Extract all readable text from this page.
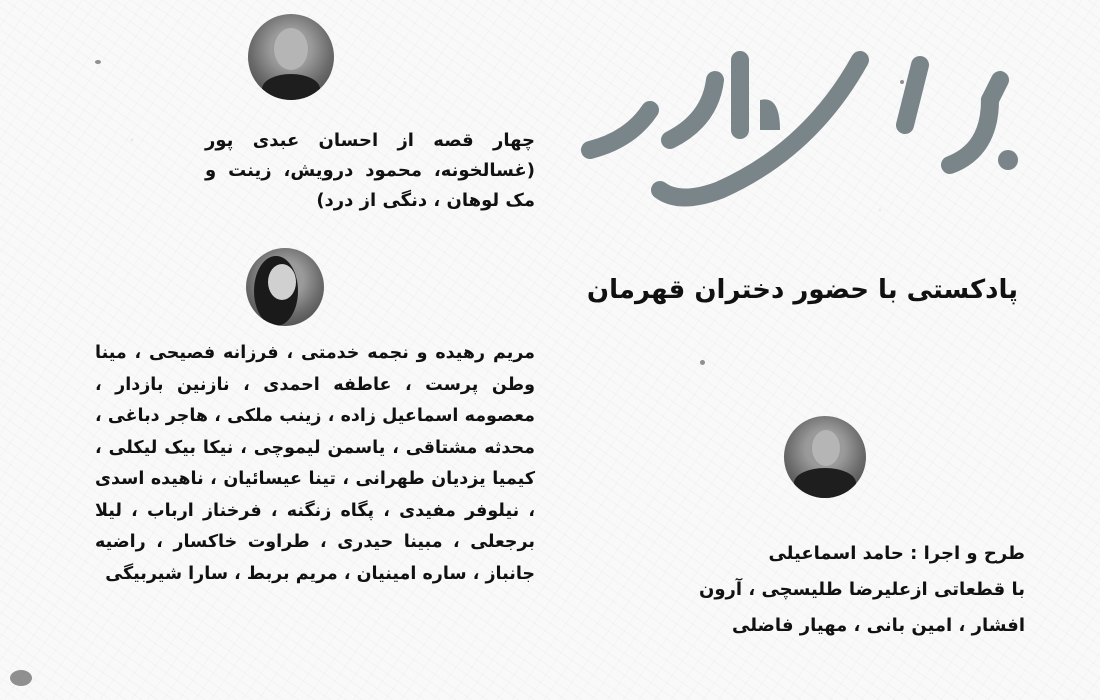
چهار قصه از احسان عبدی پور (غسالخونه، محمود درویش، زینت و مک لوهان ، دنگی از درد)
پادکستی با حضور دختران قهرمان
مریم رهیده و نجمه خدمتی ، فرزانه فصیحی ، مینا وطن پرست ، عاطفه احمدی ، نازنین بازدار ، معصومه اسماعیل زاده ، زینب ملکی ، هاجر دباغی ، محدثه مشتاقی ، یاسمن لیموچی ، نیکا بیک لیکلی ، کیمیا یزدیان طهرانی ، تینا عیسائیان ، ناهیده اسدی ، نیلوفر مفیدی ، پگاه زنگنه ، فرخناز ارباب ، لیلا برجعلی ، مبینا حیدری ، طراوت خاکسار ، راضیه جانباز ، ساره امینیان ، مریم بربط ، سارا شیربیگی
طرح و اجرا : حامد اسماعیلی
با قطعاتی ازعلیرضا طلیسچی ، آرون
افشار ، امین بانی ، مهیار فاضلی
